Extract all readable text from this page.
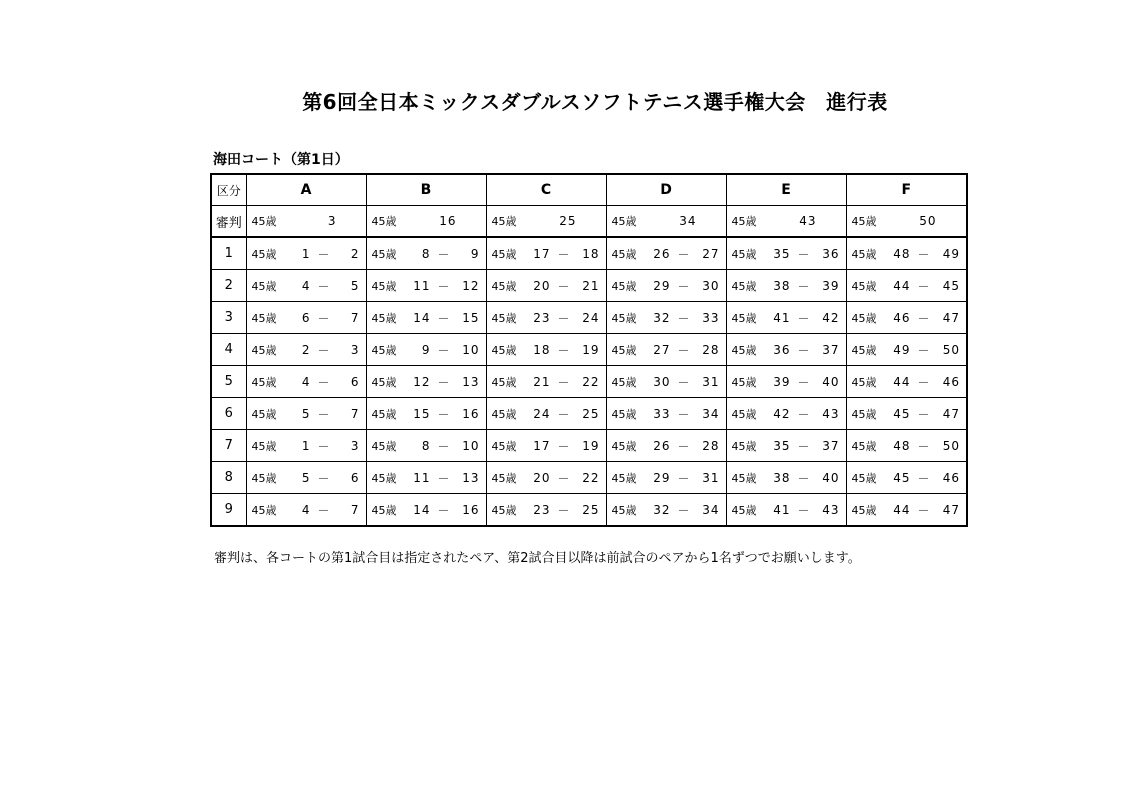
第6回全日本ミックスダブルスソフトテニス選手権大会　進行表
海田コート（第1日）
区分	A	B	C	D	E	F
審判	45歳 3	45歳 16	45歳 25	45歳 34	45歳 43	45歳 50

1	45歳 1 － 2	45歳 8 － 9	45歳 17 － 18	45歳 26 － 27	45歳 35 － 36	45歳 48 － 49

2	45歳 4 － 5	45歳 11 － 12	45歳 20 － 21	45歳 29 － 30	45歳 38 － 39	45歳 44 － 45

3	45歳 6 － 7	45歳 14 － 15	45歳 23 － 24	45歳 32 － 33	45歳 41 － 42	45歳 46 － 47

4	45歳 2 － 3	45歳 9 － 10	45歳 18 － 19	45歳 27 － 28	45歳 36 － 37	45歳 49 － 50

5	45歳 4 － 6	45歳 12 － 13	45歳 21 － 22	45歳 30 － 31	45歳 39 － 40	45歳 44 － 46

6	45歳 5 － 7	45歳 15 － 16	45歳 24 － 25	45歳 33 － 34	45歳 42 － 43	45歳 45 － 47

7	45歳 1 － 3	45歳 8 － 10	45歳 17 － 19	45歳 26 － 28	45歳 35 － 37	45歳 48 － 50

8	45歳 5 － 6	45歳 11 － 13	45歳 20 － 22	45歳 29 － 31	45歳 38 － 40	45歳 45 － 46

9	45歳 4 － 7	45歳 14 － 16	45歳 23 － 25	45歳 32 － 34	45歳 41 － 43	45歳 44 － 47
審判は、各コートの第1試合目は指定されたペア、第2試合目以降は前試合のペアから1名ずつでお願いします。
